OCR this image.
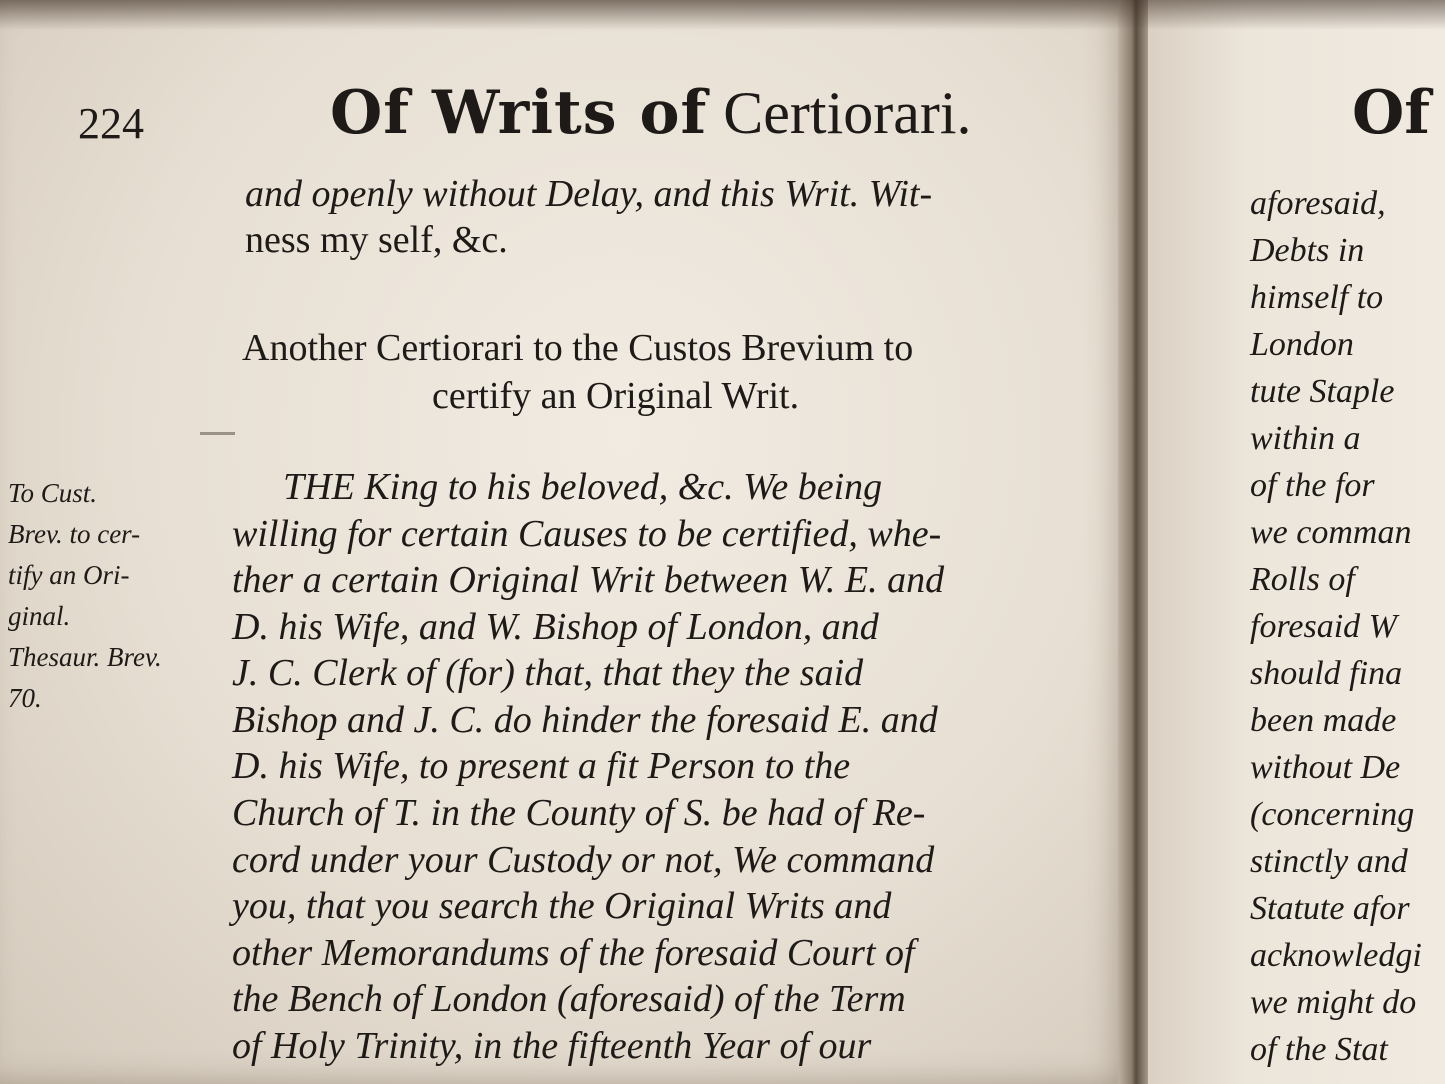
224	Of Writs of Certiorari.
and openly without Delay, and this Writ. Wit-
ness my self, &c.
Another Certiorari to the Custos Brevium to
certify an Original Writ.
To Cust.
Brev. to cer-
tify an Ori-
ginal.
Thesaur. Brev.
70.
THE King to his beloved, &c. We being
willing for certain Causes to be certified, whe-
ther a certain Original Writ between W. E. and
D. his Wife, and W. Bishop of London, and
J. C. Clerk of (for) that, that they the said
Bishop and J. C. do hinder the foresaid E. and
D. his Wife, to present a fit Person to the
Church of T. in the County of S. be had of Re-
cord under your Custody or not, We command
you, that you search the Original Writs and
other Memorandums of the foresaid Court of
the Bench of London (aforesaid) of the Term
of Holy Trinity, in the fifteenth Year of our
Of
aforesaid,
Debts in
himself to
London
tute Staple
within a
of the for
we comman
Rolls of
foresaid W
should fina
been made
without De
(concerning
stinctly and
Statute afor
acknowledgi
we might do
of the Stat
